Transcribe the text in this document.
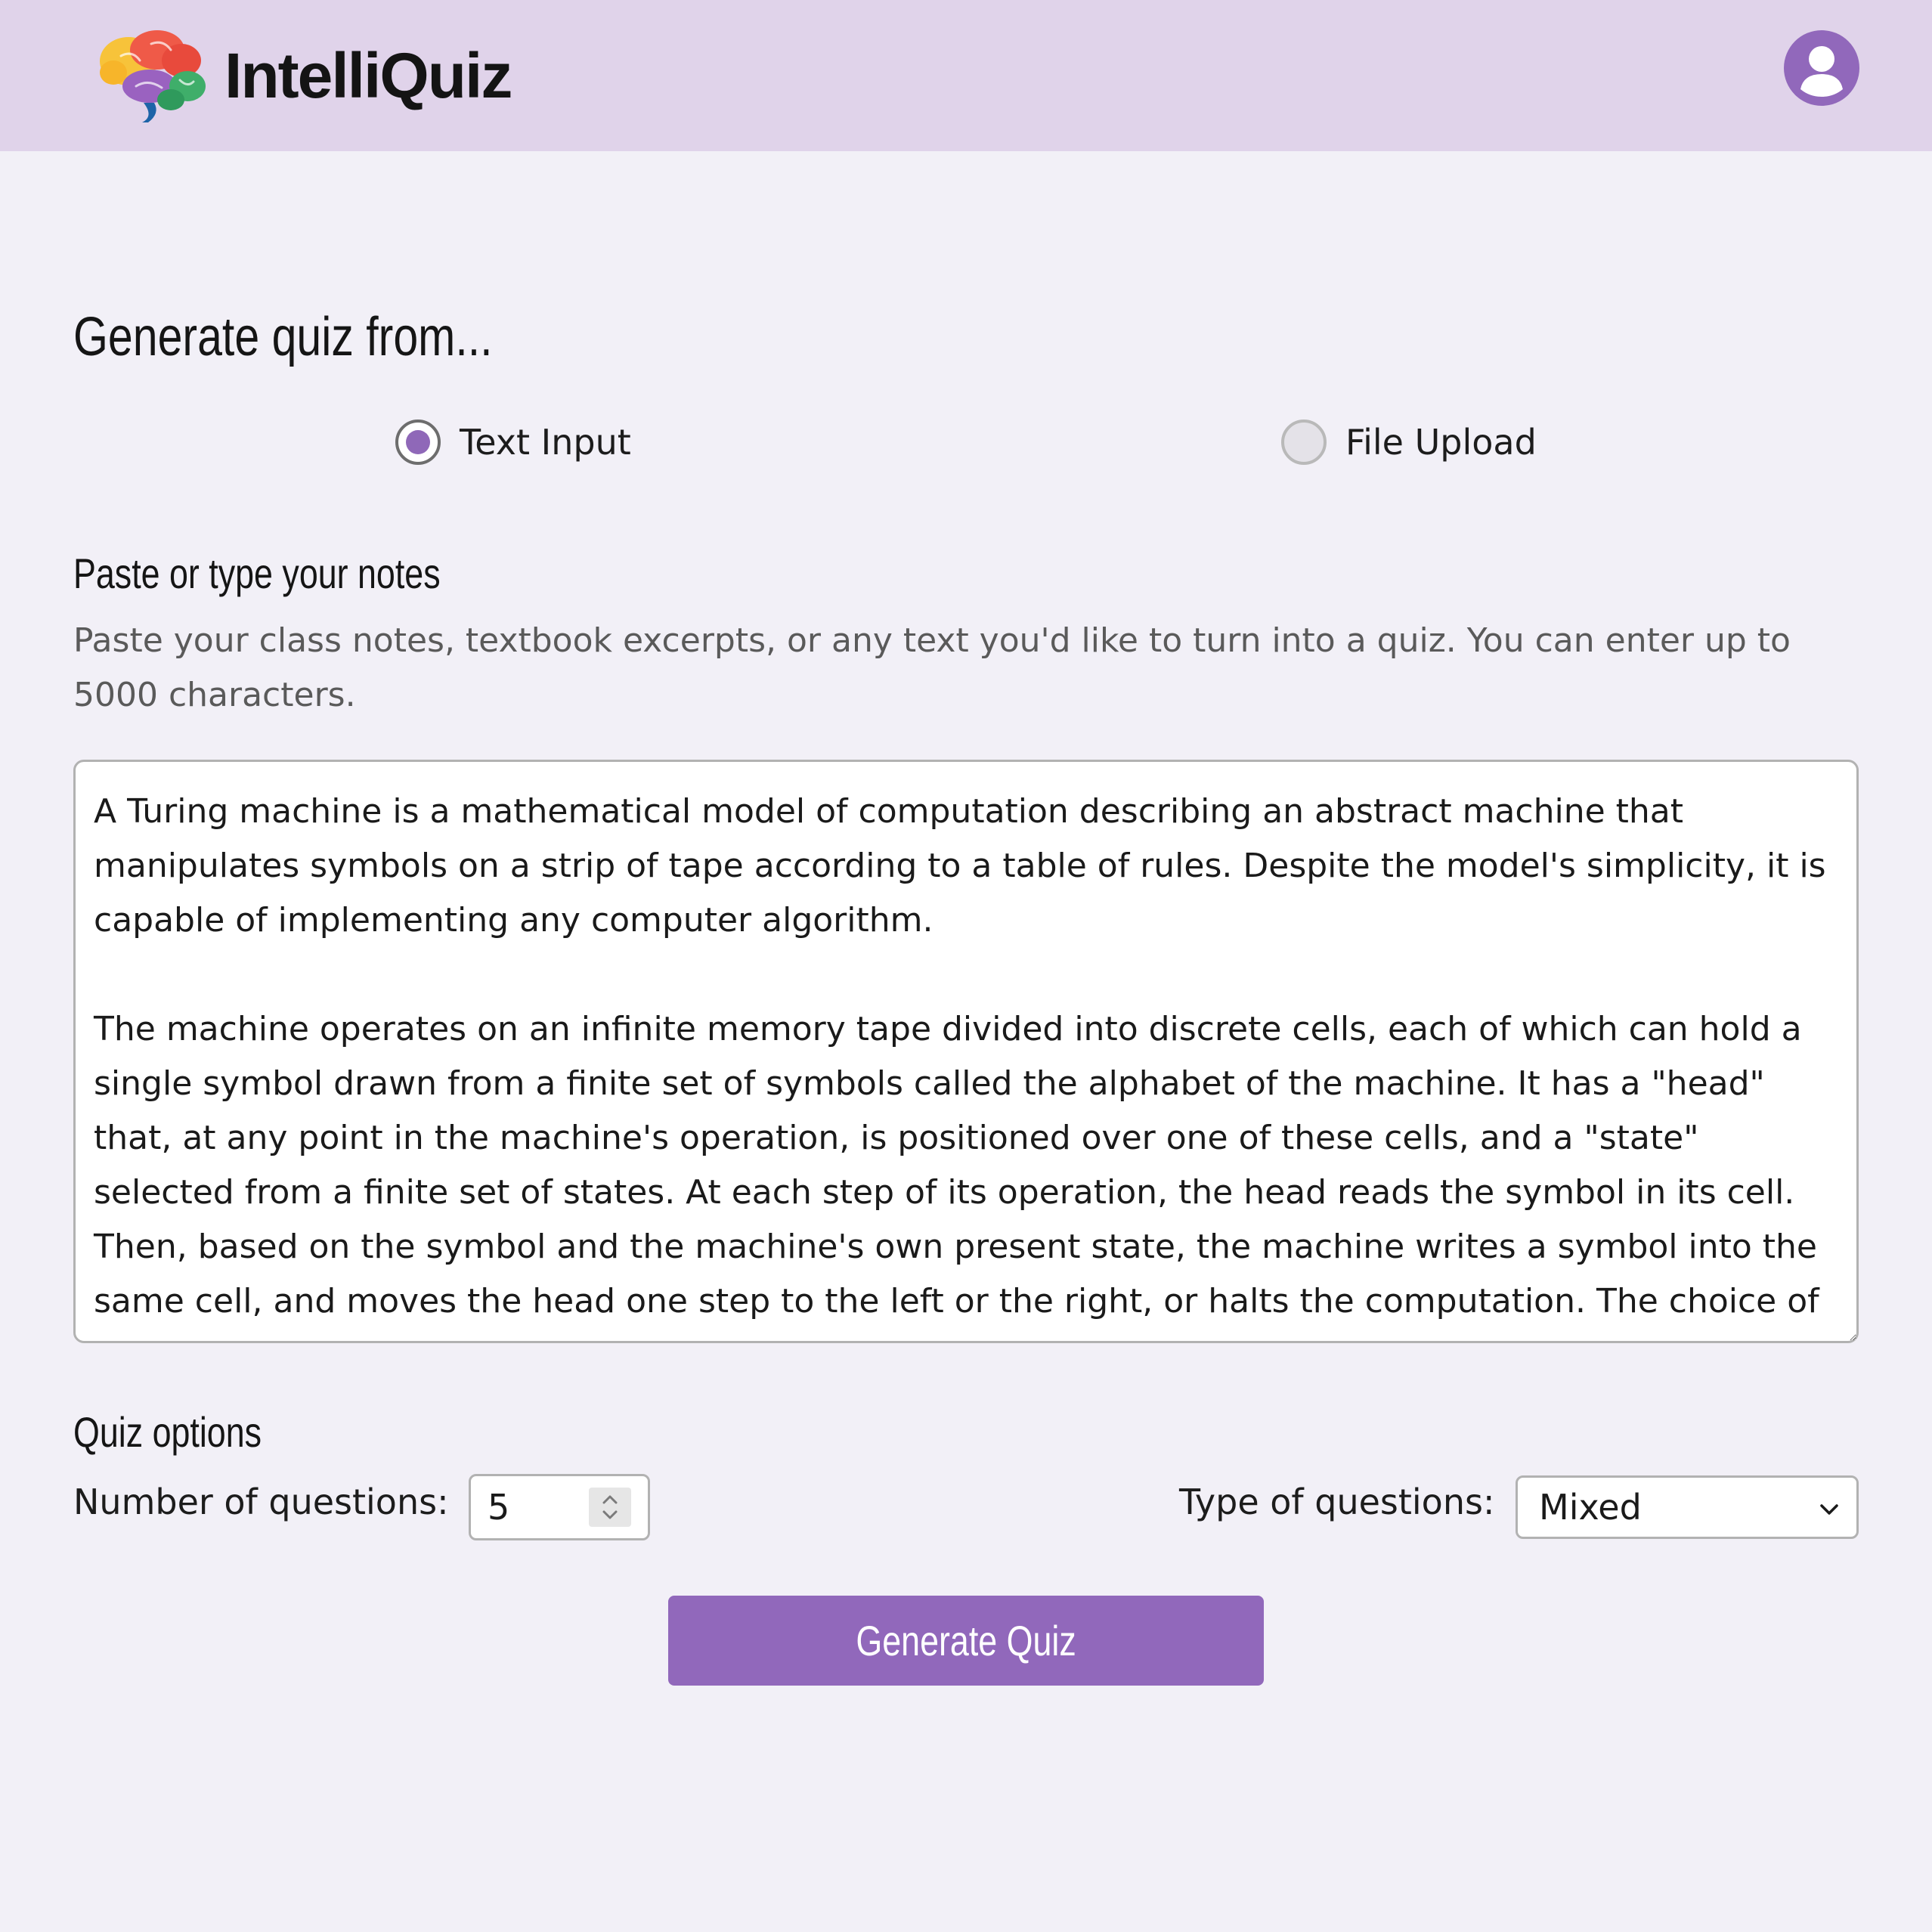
IntelliQuiz
Generate quiz from...
Text Input	File Upload
Paste or type your notes
Paste your class notes, textbook excerpts, or any text you'd like to turn into a quiz. You can enter up to 5000 characters.
A Turing machine is a mathematical model of computation describing an abstract machine that manipulates symbols on a strip of tape according to a table of rules. Despite the model's simplicity, it is capable of implementing any computer algorithm. The machine operates on an infinite memory tape divided into discrete cells, each of which can hold a single symbol drawn from a finite set of symbols called the alphabet of the machine. It has a "head" that, at any point in the machine's operation, is positioned over one of these cells, and a "state" selected from a finite set of states. At each step of its operation, the head reads the symbol in its cell. Then, based on the symbol and the machine's own present state, the machine writes a symbol into the same cell, and moves the head one step to the left or the right, or halts the computation. The choice of which replacement symbol to write and which direction to move the head and whether to halt is based
Quiz options
Number of questions:
5	Type of questions: Mixed
Generate Quiz
